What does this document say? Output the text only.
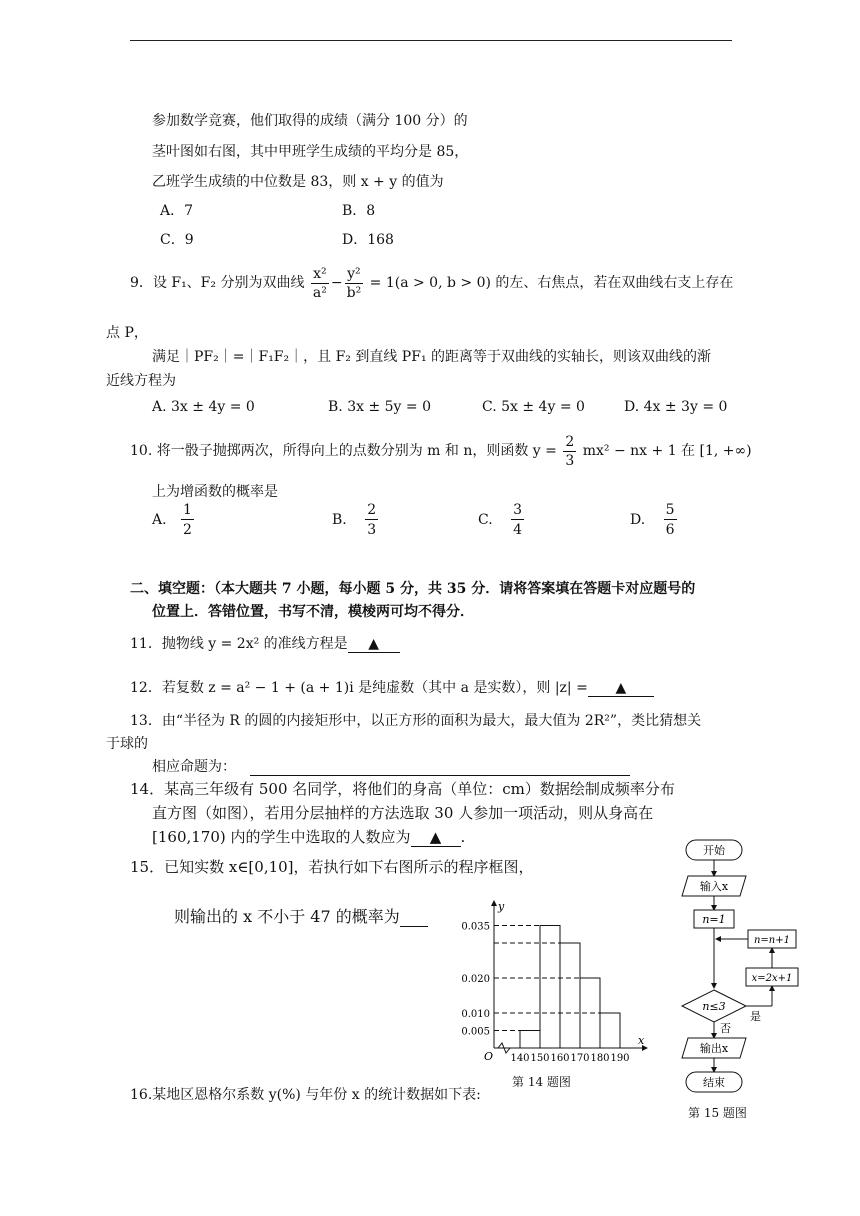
参加数学竞赛，他们取得的成绩（满分 100 分）的
茎叶图如右图，其中甲班学生成绩的平均分是 85，
乙班学生成绩的中位数是 83，则 x + y 的值为
A．7	B．8
C．9	D．168
9．设 F₁、F₂ 分别为双曲线 $\frac{\text{x²}}{\text{a²}} - \frac{\text{y²}}{\text{b²}} = 1(a > 0$, b > 0) 的左、右焦点，若在双曲线右支上存在
点 P，
满足｜PF₂｜=｜F₁F₂｜，且 F₂ 到直线 PF₁ 的距离等于双曲线的实轴长，则该双曲线的渐
近线方程为
A. 3x ± 4y = 0	B. 3x ± 5y = 0	C. 5x ± 4y = 0	D. 4x ± 3y = 0
10. 将一骰子抛掷两次，所得向上的点数分别为 m 和 n，则函数 $y = \frac{2}{3} mx^2$ − nx + 1 在 [1, +∞)
上为增函数的概率是
A. $\frac{1}{2}$	B. $\frac{2}{3}$	C. $\frac{3}{4}$	D. $\frac{5}{6}$
二、填空题：（本大题共 7 小题，每小题 5 分，共 35 分．请将答案填在答题卡对应题号的
位置上．答错位置，书写不清，模棱两可均不得分．
11．抛物线 y = 2x² 的准线方程是 ▲
12．若复数 z = a² − 1 + (a + 1)i 是纯虚数（其中 a 是实数），则 |z| = ▲
13．由“半径为 R 的圆的内接矩形中，以正方形的面积为最大，最大值为 2R²”，类比猜想关
于球的
相应命题为：
14．某高三年级有 500 名同学，将他们的身高（单位：cm）数据绘制成频率分布
直方图（如图），若用分层抽样的方法选取 30 人参加一项活动，则从身高在
[160,170) 内的学生中选取的人数应为 ▲ .
15．已知实数 x∈[0,10]，若执行如下右图所示的程序框图，
则输出的 x 不小于 47 的概率为
16.某地区恩格尔系数 y(%) 与年份 x 的统计数据如下表:
y
x
O
0.035
0.020
0.010
0.005
140 150 160 170 180 190
第 14 题图
开始
输入x
n=1
n≤3
是
x=2x+1
n=n+1
否
输出x
结束
第 15 题图
